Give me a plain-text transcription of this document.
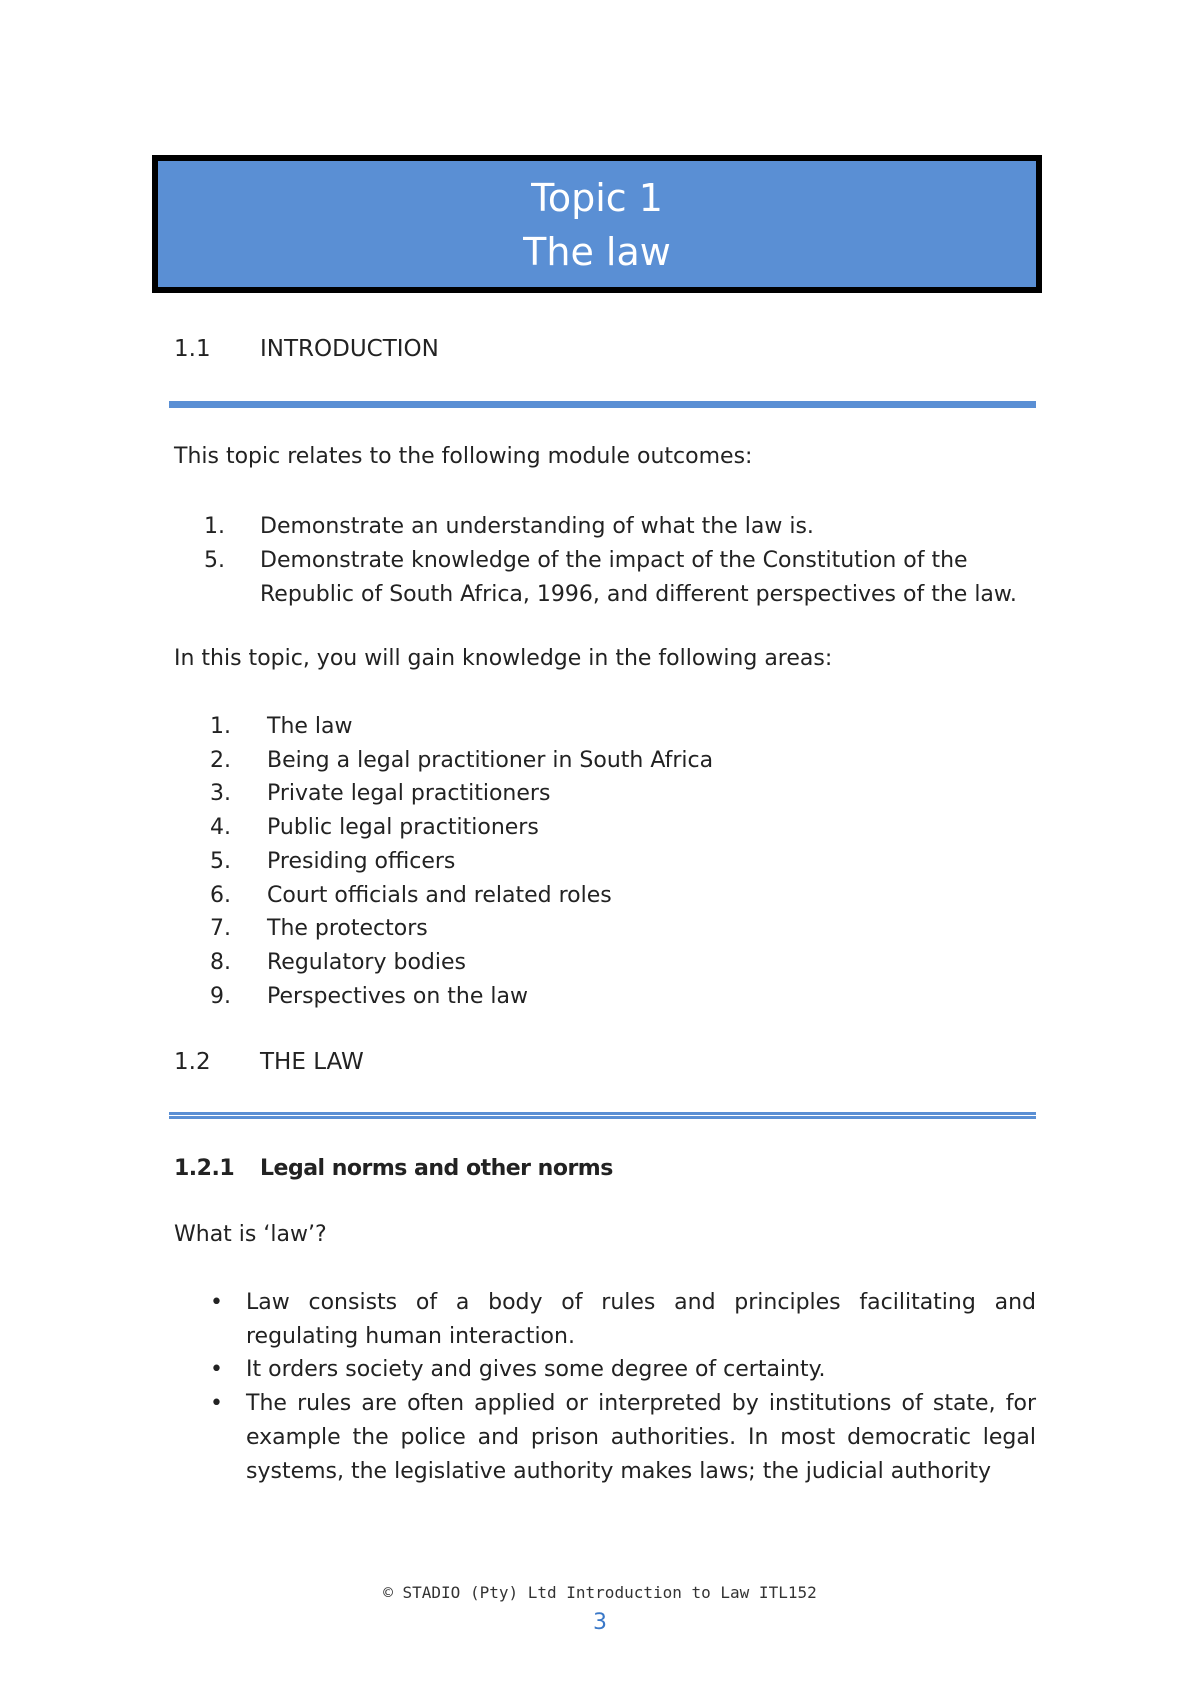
Topic 1
The law
1.1 INTRODUCTION
This topic relates to the following module outcomes:
1. Demonstrate an understanding of what the law is.
5. Demonstrate knowledge of the impact of the Constitution of the Republic of South Africa, 1996, and different perspectives of the law.
In this topic, you will gain knowledge in the following areas:
1. The law
2. Being a legal practitioner in South Africa
3. Private legal practitioners
4. Public legal practitioners
5. Presiding officers
6. Court officials and related roles
7. The protectors
8. Regulatory bodies
9. Perspectives on the law
1.2 THE LAW
1.2.1 Legal norms and other norms
What is ‘law’?
• Law consists of a body of rules and principles facilitating and regulating human interaction.
• It orders society and gives some degree of certainty.
• The rules are often applied or interpreted by institutions of state, for example the police and prison authorities. In most democratic legal systems, the legislative authority makes laws; the judicial authority
© STADIO (Pty) Ltd Introduction to Law ITL152
3
